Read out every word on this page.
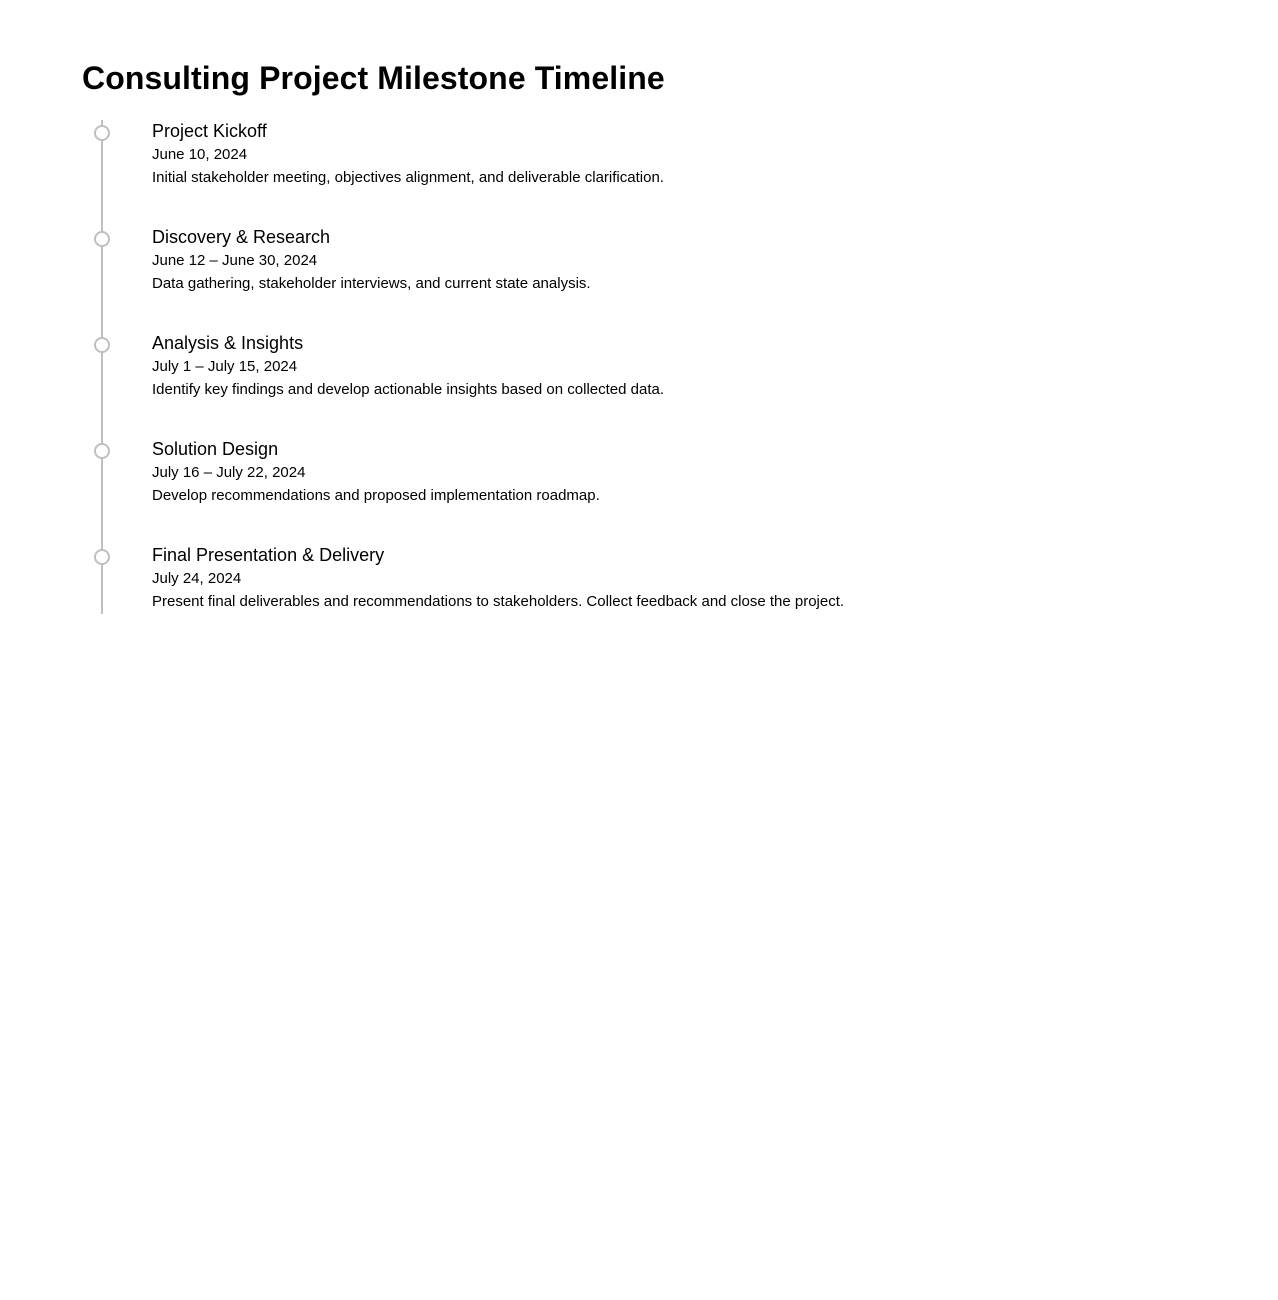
Consulting Project Milestone Timeline
Project Kickoff
June 10, 2024
Initial stakeholder meeting, objectives alignment, and deliverable clarification.
Discovery & Research
June 12 – June 30, 2024
Data gathering, stakeholder interviews, and current state analysis.
Analysis & Insights
July 1 – July 15, 2024
Identify key findings and develop actionable insights based on collected data.
Solution Design
July 16 – July 22, 2024
Develop recommendations and proposed implementation roadmap.
Final Presentation & Delivery
July 24, 2024
Present final deliverables and recommendations to stakeholders. Collect feedback and close the project.
